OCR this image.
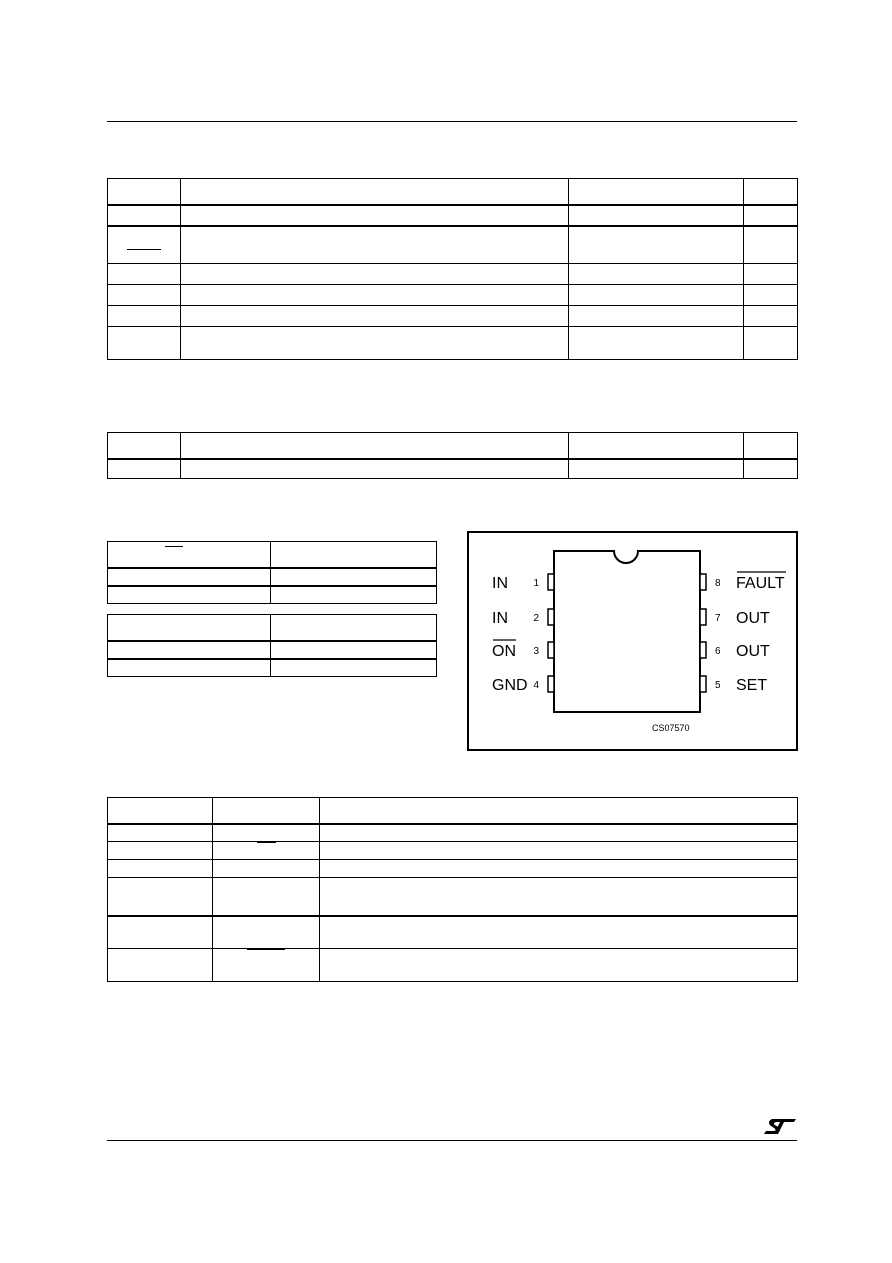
1
IN
2
IN
3
ON
4
GND
8 FAULT
7 OUT
6 OUT
5 SET
CS07570
